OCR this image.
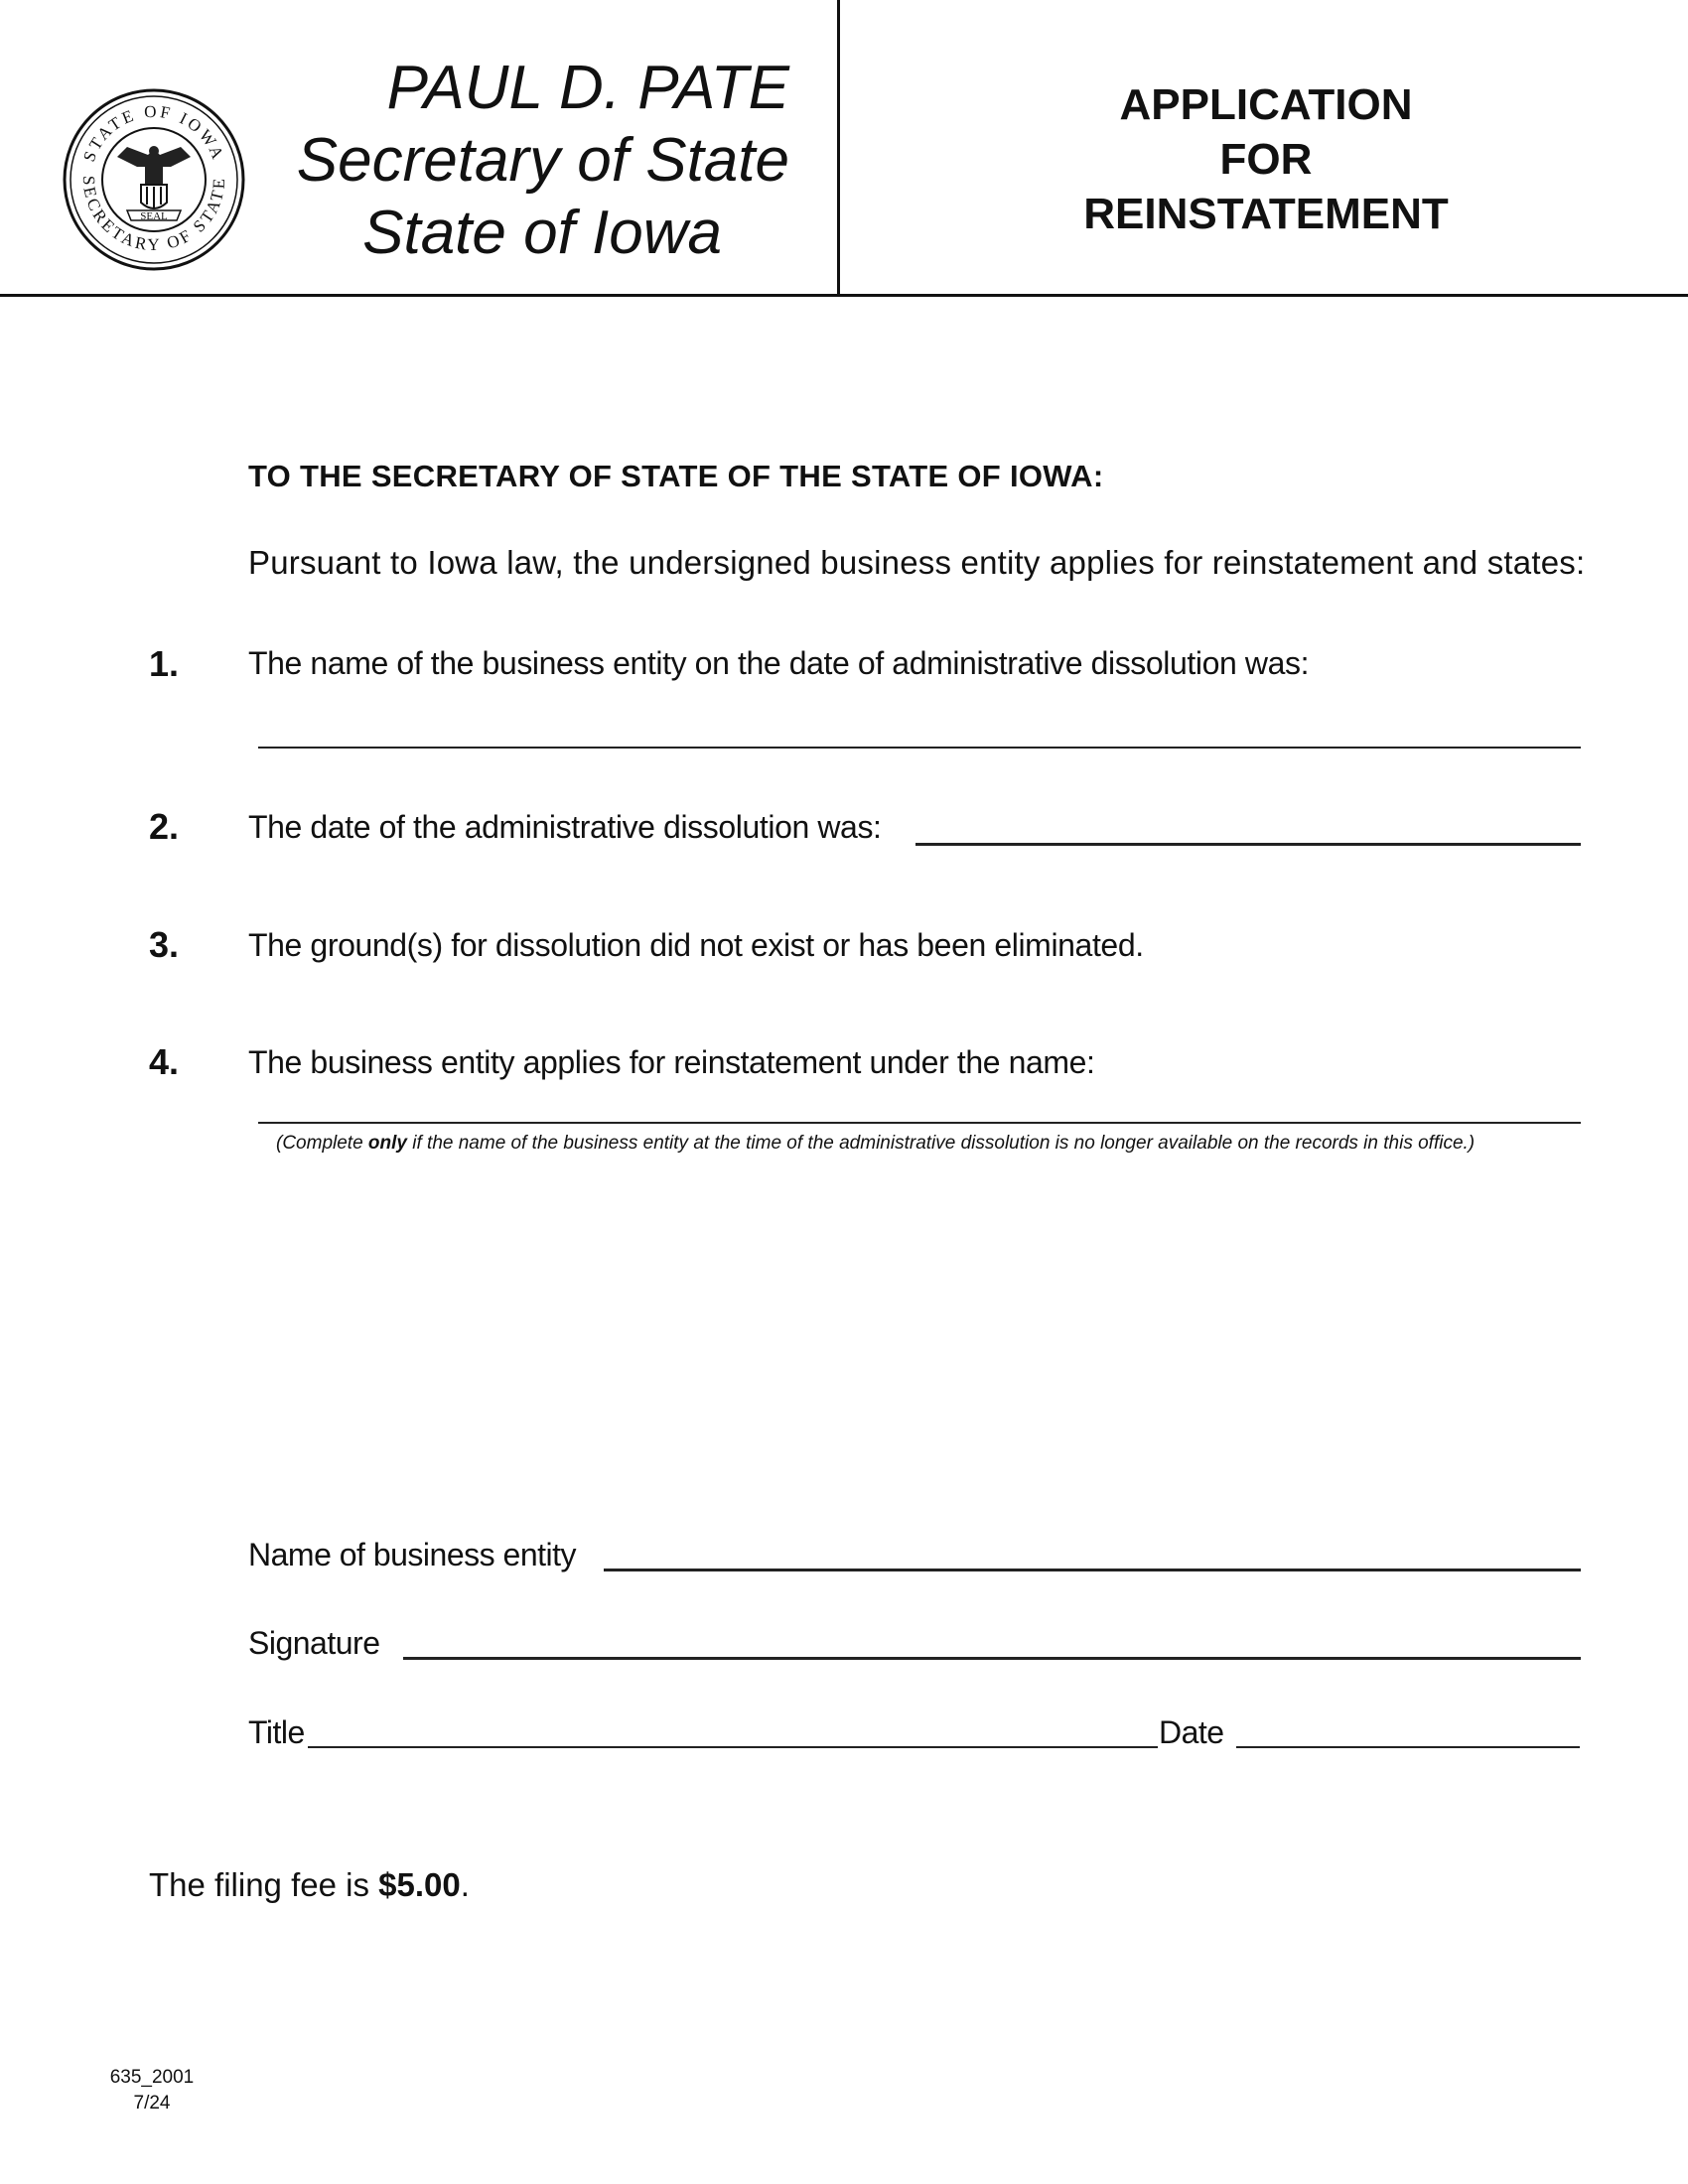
STATE OF IOWA
SECRETARY OF STATE
SEAL
PAUL D. PATE
Secretary of State
State of Iowa
APPLICATION
FOR
REINSTATEMENT
TO THE SECRETARY OF STATE OF THE STATE OF IOWA:
Pursuant to Iowa law, the undersigned business entity applies for reinstatement and states:
1. The name of the business entity on the date of administrative dissolution was:
2. The date of the administrative dissolution was:
3. The ground(s) for dissolution did not exist or has been eliminated.
4. The business entity applies for reinstatement under the name:
(Complete only if the name of the business entity at the time of the administrative dissolution is no longer available on the records in this office.)
Name of business entity
Signature
Title	Date
The filing fee is $5.00.
635_2001
7/24
